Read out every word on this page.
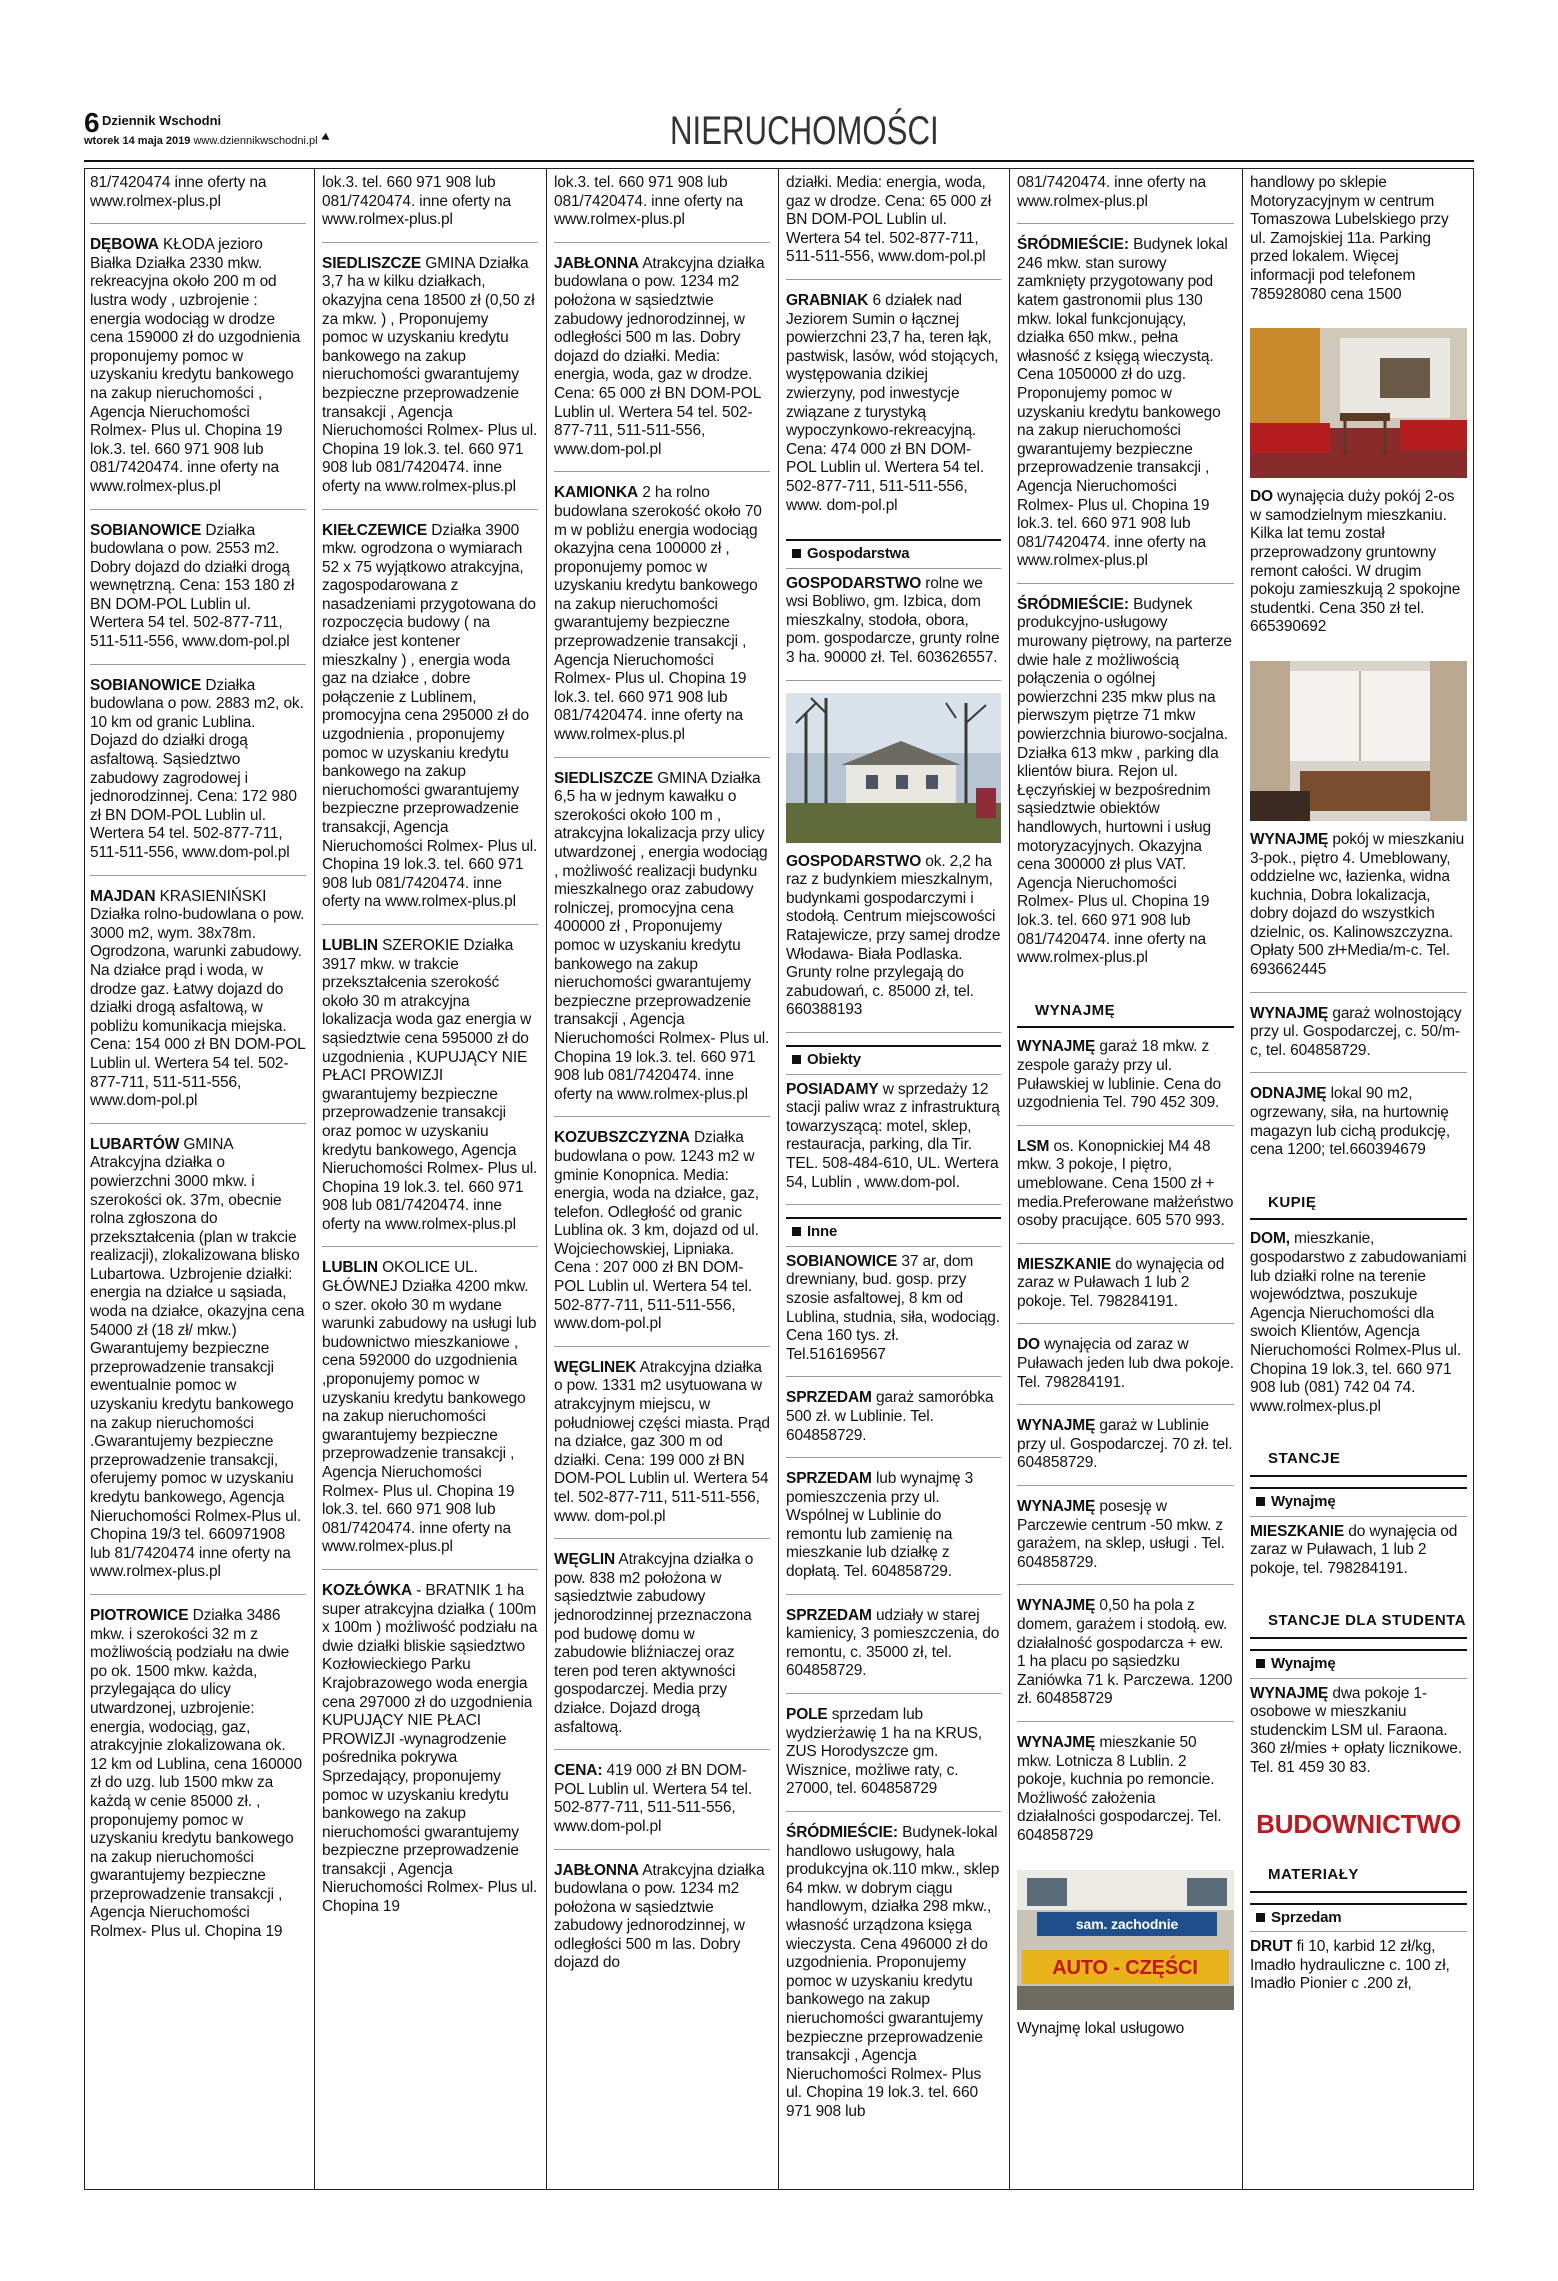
6 Dziennik Wschodni
wtorek 14 maja 2019 www.dziennikwschodni.pl	NIERUCHOMOŚCI
81/7420474 inne oferty na www.rolmex-plus.pl
DĘBOWA KŁODA jezioro Białka Działka 2330 mkw. rekreacyjna około 200 m od lustra wody , uzbrojenie : energia wodociąg w drodze cena 159000 zł do uzgodnienia proponujemy pomoc w uzyskaniu kredytu bankowego na zakup nieruchomości , Agencja Nieruchomości Rolmex- Plus ul. Chopina 19 lok.3. tel. 660 971 908 lub 081/7420474. inne oferty na www.rolmex-plus.pl
SOBIANOWICE Działka budowlana o pow. 2553 m2. Dobry dojazd do działki drogą wewnętrzną. Cena: 153 180 zł BN DOM-POL Lublin ul. Wertera 54 tel. 502-877-711, 511-511-556, www.dom-pol.pl
SOBIANOWICE Działka budowlana o pow. 2883 m2, ok. 10 km od granic Lublina. Dojazd do działki drogą asfaltową. Sąsiedztwo zabudowy zagrodowej i jednorodzinnej. Cena: 172 980 zł BN DOM-POL Lublin ul. Wertera 54 tel. 502-877-711, 511-511-556, www.dom-pol.pl
MAJDAN KRASIENIŃSKI Działka rolno-budowlana o pow. 3000 m2, wym. 38x78m. Ogrodzona, warunki zabudowy. Na działce prąd i woda, w drodze gaz. Łatwy dojazd do działki drogą asfaltową, w pobliżu komunikacja miejska. Cena: 154 000 zł BN DOM-POL Lublin ul. Wertera 54 tel. 502-877-711, 511-511-556, www.dom-pol.pl
LUBARTÓW GMINA Atrakcyjna działka o powierzchni 3000 mkw. i szerokości ok. 37m, obecnie rolna zgłoszona do przekształcenia (plan w trakcie realizacji), zlokalizowana blisko Lubartowa. Uzbrojenie działki: energia na działce u sąsiada, woda na działce, okazyjna cena 54000 zł (18 zł/ mkw.) Gwarantujemy bezpieczne przeprowadzenie transakcji ewentualnie pomoc w uzyskaniu kredytu bankowego na zakup nieruchomości .Gwarantujemy bezpieczne przeprowadzenie transakcji, oferujemy pomoc w uzyskaniu kredytu bankowego, Agencja Nieruchomości Rolmex-Plus ul. Chopina 19/3 tel. 660971908 lub 81/7420474 inne oferty na www.rolmex-plus.pl
PIOTROWICE Działka 3486 mkw. i szerokości 32 m z możliwością podziału na dwie po ok. 1500 mkw. każda, przylegająca do ulicy utwardzonej, uzbrojenie: energia, wodociąg, gaz, atrakcyjnie zlokalizowana ok. 12 km od Lublina, cena 160000 zł do uzg. lub 1500 mkw za każdą w cenie 85000 zł. , proponujemy pomoc w uzyskaniu kredytu bankowego na zakup nieruchomości gwarantujemy bezpieczne przeprowadzenie transakcji , Agencja Nieruchomości Rolmex- Plus ul. Chopina 19
lok.3. tel. 660 971 908 lub 081/7420474. inne oferty na www.rolmex-plus.pl
SIEDLISZCZE GMINA Działka 3,7 ha w kilku działkach, okazyjna cena 18500 zł (0,50 zł za mkw. ) , Proponujemy pomoc w uzyskaniu kredytu bankowego na zakup nieruchomości gwarantujemy bezpieczne przeprowadzenie transakcji , Agencja Nieruchomości Rolmex- Plus ul. Chopina 19 lok.3. tel. 660 971 908 lub 081/7420474. inne oferty na www.rolmex-plus.pl
KIEŁCZEWICE Działka 3900 mkw. ogrodzona o wymiarach 52 x 75 wyjątkowo atrakcyjna, zagospodarowana z nasadzeniami przygotowana do rozpoczęcia budowy ( na działce jest kontener mieszkalny ) , energia woda gaz na działce , dobre połączenie z Lublinem, promocyjna cena 295000 zł do uzgodnienia , proponujemy pomoc w uzyskaniu kredytu bankowego na zakup nieruchomości gwarantujemy bezpieczne przeprowadzenie transakcji, Agencja Nieruchomości Rolmex- Plus ul. Chopina 19 lok.3. tel. 660 971 908 lub 081/7420474. inne oferty na www.rolmex-plus.pl
LUBLIN SZEROKIE Działka 3917 mkw. w trakcie przekształcenia szerokość około 30 m atrakcyjna lokalizacja woda gaz energia w sąsiedztwie cena 595000 zł do uzgodnienia , KUPUJĄCY NIE PŁACI PROWIZJI gwarantujemy bezpieczne przeprowadzenie transakcji oraz pomoc w uzyskaniu kredytu bankowego, Agencja Nieruchomości Rolmex- Plus ul. Chopina 19 lok.3. tel. 660 971 908 lub 081/7420474. inne oferty na www.rolmex-plus.pl
LUBLIN OKOLICE UL. GŁÓWNEJ Działka 4200 mkw. o szer. około 30 m wydane warunki zabudowy na usługi lub budownictwo mieszkaniowe , cena 592000 do uzgodnienia ,proponujemy pomoc w uzyskaniu kredytu bankowego na zakup nieruchomości gwarantujemy bezpieczne przeprowadzenie transakcji , Agencja Nieruchomości Rolmex- Plus ul. Chopina 19 lok.3. tel. 660 971 908 lub 081/7420474. inne oferty na www.rolmex-plus.pl
KOZŁÓWKA - BRATNIK 1 ha super atrakcyjna działka ( 100m x 100m ) możliwość podziału na dwie działki bliskie sąsiedztwo Kozłowieckiego Parku Krajobrazowego woda energia cena 297000 zł do uzgodnienia KUPUJĄCY NIE PŁACI PROWIZJI -wynagrodzenie pośrednika pokrywa Sprzedający, proponujemy pomoc w uzyskaniu kredytu bankowego na zakup nieruchomości gwarantujemy bezpieczne przeprowadzenie transakcji , Agencja Nieruchomości Rolmex- Plus ul. Chopina 19
lok.3. tel. 660 971 908 lub 081/7420474. inne oferty na www.rolmex-plus.pl
JABŁONNA Atrakcyjna działka budowlana o pow. 1234 m2 położona w sąsiedztwie zabudowy jednorodzinnej, w odległości 500 m las. Dobry dojazd do działki. Media: energia, woda, gaz w drodze. Cena: 65 000 zł BN DOM-POL Lublin ul. Wertera 54 tel. 502-877-711, 511-511-556, www.dom-pol.pl
KAMIONKA 2 ha rolno budowlana szerokość około 70 m w pobliżu energia wodociąg okazyjna cena 100000 zł , proponujemy pomoc w uzyskaniu kredytu bankowego na zakup nieruchomości gwarantujemy bezpieczne przeprowadzenie transakcji , Agencja Nieruchomości Rolmex- Plus ul. Chopina 19 lok.3. tel. 660 971 908 lub 081/7420474. inne oferty na www.rolmex-plus.pl
SIEDLISZCZE GMINA Działka 6,5 ha w jednym kawałku o szerokości około 100 m , atrakcyjna lokalizacja przy ulicy utwardzonej , energia wodociąg , możliwość realizacji budynku mieszkalnego oraz zabudowy rolniczej, promocyjna cena 400000 zł , Proponujemy pomoc w uzyskaniu kredytu bankowego na zakup nieruchomości gwarantujemy bezpieczne przeprowadzenie transakcji , Agencja Nieruchomości Rolmex- Plus ul. Chopina 19 lok.3. tel. 660 971 908 lub 081/7420474. inne oferty na www.rolmex-plus.pl
KOZUBSZCZYZNA Działka budowlana o pow. 1243 m2 w gminie Konopnica. Media: energia, woda na działce, gaz, telefon. Odległość od granic Lublina ok. 3 km, dojazd od ul. Wojciechowskiej, Lipniaka. Cena : 207 000 zł BN DOM-POL Lublin ul. Wertera 54 tel. 502-877-711, 511-511-556, www.dom-pol.pl
WĘGLINEK Atrakcyjna działka o pow. 1331 m2 usytuowana w atrakcyjnym miejscu, w południowej części miasta. Prąd na działce, gaz 300 m od działki. Cena: 199 000 zł BN DOM-POL Lublin ul. Wertera 54 tel. 502-877-711, 511-511-556, www. dom-pol.pl
WĘGLIN Atrakcyjna działka o pow. 838 m2 położona w sąsiedztwie zabudowy jednorodzinnej przeznaczona pod budowę domu w zabudowie bliźniaczej oraz teren pod teren aktywności gospodarczej. Media przy działce. Dojazd drogą asfaltową.
CENA: 419 000 zł BN DOM-POL Lublin ul. Wertera 54 tel. 502-877-711, 511-511-556, www.dom-pol.pl
JABŁONNA Atrakcyjna działka budowlana o pow. 1234 m2 położona w sąsiedztwie zabudowy jednorodzinnej, w odległości 500 m las. Dobry dojazd do
działki. Media: energia, woda, gaz w drodze. Cena: 65 000 zł BN DOM-POL Lublin ul. Wertera 54 tel. 502-877-711, 511-511-556, www.dom-pol.pl
GRABNIAK 6 działek nad Jeziorem Sumin o łącznej powierzchni 23,7 ha, teren łąk, pastwisk, lasów, wód stojących, występowania dzikiej zwierzyny, pod inwestycje związane z turystyką wypoczynkowo-rekreacyjną. Cena: 474 000 zł BN DOM-POL Lublin ul. Wertera 54 tel. 502-877-711, 511-511-556, www. dom-pol.pl
Gospodarstwa
GOSPODARSTWO rolne we wsi Bobliwo, gm. Izbica, dom mieszkalny, stodoła, obora, pom. gospodarcze, grunty rolne 3 ha. 90000 zł. Tel. 603626557.
GOSPODARSTWO ok. 2,2 ha raz z budynkiem mieszkalnym, budynkami gospodarczymi i stodołą. Centrum miejscowości Ratajewicze, przy samej drodze Włodawa- Biała Podlaska. Grunty rolne przylegają do zabudowań, c. 85000 zł, tel. 660388193
Obiekty
POSIADAMY w sprzedaży 12 stacji paliw wraz z infrastrukturą towarzyszącą: motel, sklep, restauracja, parking, dla Tir. TEL. 508-484-610, UL. Wertera 54, Lublin , www.dom-pol.
Inne
SOBIANOWICE 37 ar, dom drewniany, bud. gosp. przy szosie asfaltowej, 8 km od Lublina, studnia, siła, wodociąg. Cena 160 tys. zł. Tel.516169567
SPRZEDAM garaż samoróbka 500 zł. w Lublinie. Tel. 604858729.
SPRZEDAM lub wynajmę 3 pomieszczenia przy ul. Wspólnej w Lublinie do remontu lub zamienię na mieszkanie lub działkę z dopłatą. Tel. 604858729.
SPRZEDAM udziały w starej kamienicy, 3 pomieszczenia, do remontu, c. 35000 zł, tel. 604858729.
POLE sprzedam lub wydzierżawię 1 ha na KRUS, ZUS Horodyszcze gm. Wisznice, możliwe raty, c. 27000, tel. 604858729
ŚRÓDMIEŚCIE: Budynek-lokal handlowo usługowy, hala produkcyjna ok.110 mkw., sklep 64 mkw. w dobrym ciągu handlowym, działka 298 mkw., własność urządzona księga wieczysta. Cena 496000 zł do uzgodnienia. Proponujemy pomoc w uzyskaniu kredytu bankowego na zakup nieruchomości gwarantujemy bezpieczne przeprowadzenie transakcji , Agencja Nieruchomości Rolmex- Plus ul. Chopina 19 lok.3. tel. 660 971 908 lub
081/7420474. inne oferty na www.rolmex-plus.pl
ŚRÓDMIEŚCIE: Budynek lokal 246 mkw. stan surowy zamknięty przygotowany pod katem gastronomii plus 130 mkw. lokal funkcjonujący, działka 650 mkw., pełna własność z księgą wieczystą. Cena 1050000 zł do uzg. Proponujemy pomoc w uzyskaniu kredytu bankowego na zakup nieruchomości gwarantujemy bezpieczne przeprowadzenie transakcji , Agencja Nieruchomości Rolmex- Plus ul. Chopina 19 lok.3. tel. 660 971 908 lub 081/7420474. inne oferty na www.rolmex-plus.pl
ŚRÓDMIEŚCIE: Budynek produkcyjno-usługowy murowany piętrowy, na parterze dwie hale z możliwością połączenia o ogólnej powierzchni 235 mkw plus na pierwszym piętrze 71 mkw powierzchnia biurowo-socjalna. Działka 613 mkw , parking dla klientów biura. Rejon ul. Łęczyńskiej w bezpośrednim sąsiedztwie obiektów handlowych, hurtowni i usług motoryzacyjnych. Okazyjna cena 300000 zł plus VAT. Agencja Nieruchomości Rolmex- Plus ul. Chopina 19 lok.3. tel. 660 971 908 lub 081/7420474. inne oferty na www.rolmex-plus.pl
WYNAJMĘ
WYNAJMĘ garaż 18 mkw. z zespole garaży przy ul. Puławskiej w lublinie. Cena do uzgodnienia Tel. 790 452 309.
LSM os. Konopnickiej M4 48 mkw. 3 pokoje, I piętro, umeblowane. Cena 1500 zł + media.Preferowane małżeństwo osoby pracujące. 605 570 993.
MIESZKANIE do wynajęcia od zaraz w Puławach 1 lub 2 pokoje. Tel. 798284191.
DO wynajęcia od zaraz w Puławach jeden lub dwa pokoje. Tel. 798284191.
WYNAJMĘ garaż w Lublinie przy ul. Gospodarczej. 70 zł. tel. 604858729.
WYNAJMĘ posesję w Parczewie centrum -50 mkw. z garażem, na sklep, usługi . Tel. 604858729.
WYNAJMĘ 0,50 ha pola z domem, garażem i stodołą. ew. działalność gospodarcza + ew. 1 ha placu po sąsiedzku Zaniówka 71 k. Parczewa. 1200 zł. 604858729
WYNAJMĘ mieszkanie 50 mkw. Lotnicza 8 Lublin. 2 pokoje, kuchnia po remoncie. Możliwość założenia działalności gospodarczej. Tel. 604858729
sam. zachodnie
AUTO - CZĘŚCI
Wynajmę lokal usługowo
handlowy po sklepie Motoryzacyjnym w centrum Tomaszowa Lubelskiego przy ul. Zamojskiej 11a. Parking przed lokalem. Więcej informacji pod telefonem 785928080 cena 1500
DO wynajęcia duży pokój 2-os w samodzielnym mieszkaniu. Kilka lat temu został przeprowadzony gruntowny remont całości. W drugim pokoju zamieszkują 2 spokojne studentki. Cena 350 zł tel. 665390692
WYNAJMĘ pokój w mieszkaniu 3-pok., piętro 4. Umeblowany, oddzielne wc, łazienka, widna kuchnia, Dobra lokalizacja, dobry dojazd do wszystkich dzielnic, os. Kalinowszczyzna. Opłaty 500 zł+Media/m-c. Tel. 693662445
WYNAJMĘ garaż wolnostojący przy ul. Gospodarczej, c. 50/m-c, tel. 604858729.
ODNAJMĘ lokal 90 m2, ogrzewany, siła, na hurtownię magazyn lub cichą produkcję, cena 1200; tel.660394679
KUPIĘ
DOM, mieszkanie, gospodarstwo z zabudowaniami lub działki rolne na terenie województwa, poszukuje Agencja Nieruchomości dla swoich Klientów, Agencja Nieruchomości Rolmex-Plus ul. Chopina 19 lok.3, tel. 660 971 908 lub (081) 742 04 74. www.rolmex-plus.pl
STANCJE
Wynajmę
MIESZKANIE do wynajęcia od zaraz w Puławach, 1 lub 2 pokoje, tel. 798284191.
STANCJE DLA STUDENTA
Wynajmę
WYNAJMĘ dwa pokoje 1-osobowe w mieszkaniu studenckim LSM ul. Faraona. 360 zł/mies + opłaty licznikowe. Tel. 81 459 30 83.
BUDOWNICTWO
MATERIAŁY
Sprzedam
DRUT fi 10, karbid 12 zł/kg, Imadło hydrauliczne c. 100 zł, Imadło Pionier c .200 zł,
